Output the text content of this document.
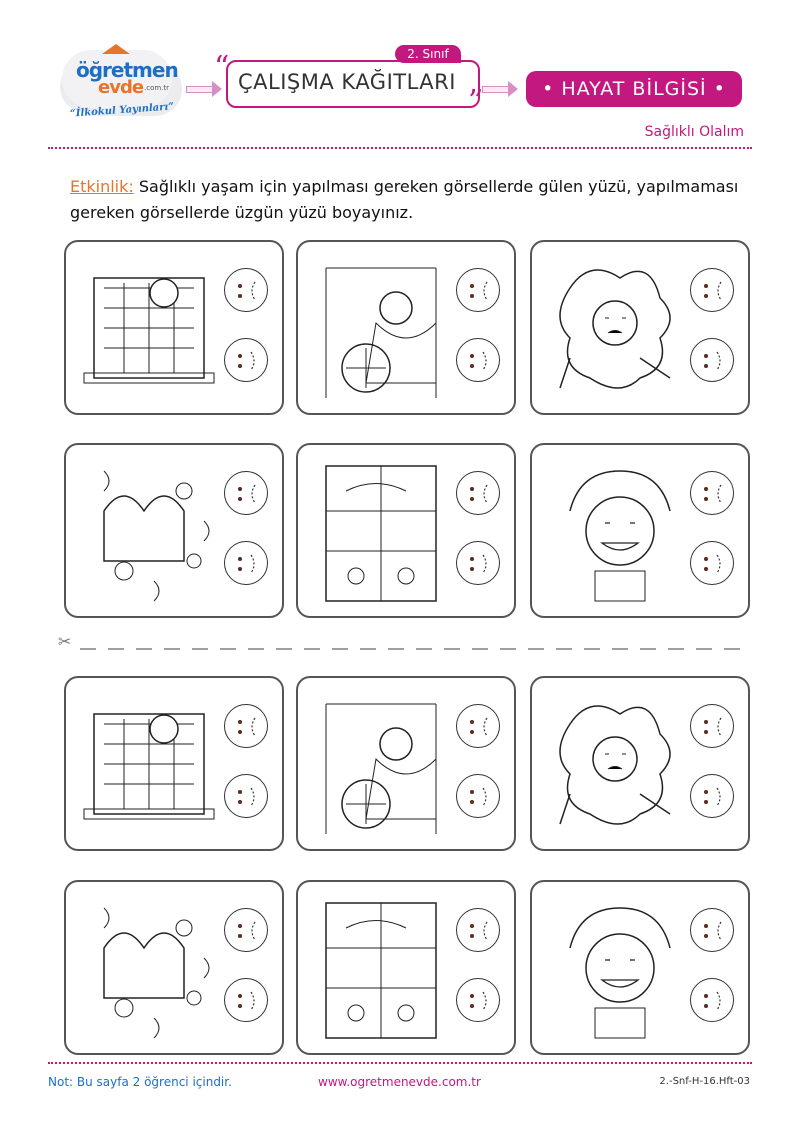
öğretmen
evde .com.tr
“İlkokul Yayınları”
“ ÇALIŞMA KAĞITLARI
”
2. Sınıf
• HAYAT BİLGİSİ •
Sağlıklı Olalım
Etkinlik: Sağlıklı yaşam için yapılması gereken görsellerde gülen yüzü, yapılmaması gereken görsellerde üzgün yüzü boyayınız.
✂
Not: Bu sayfa 2 öğrenci içindir.	www.ogretmenevde.com.tr	2.-Snf-H-16.Hft-03
